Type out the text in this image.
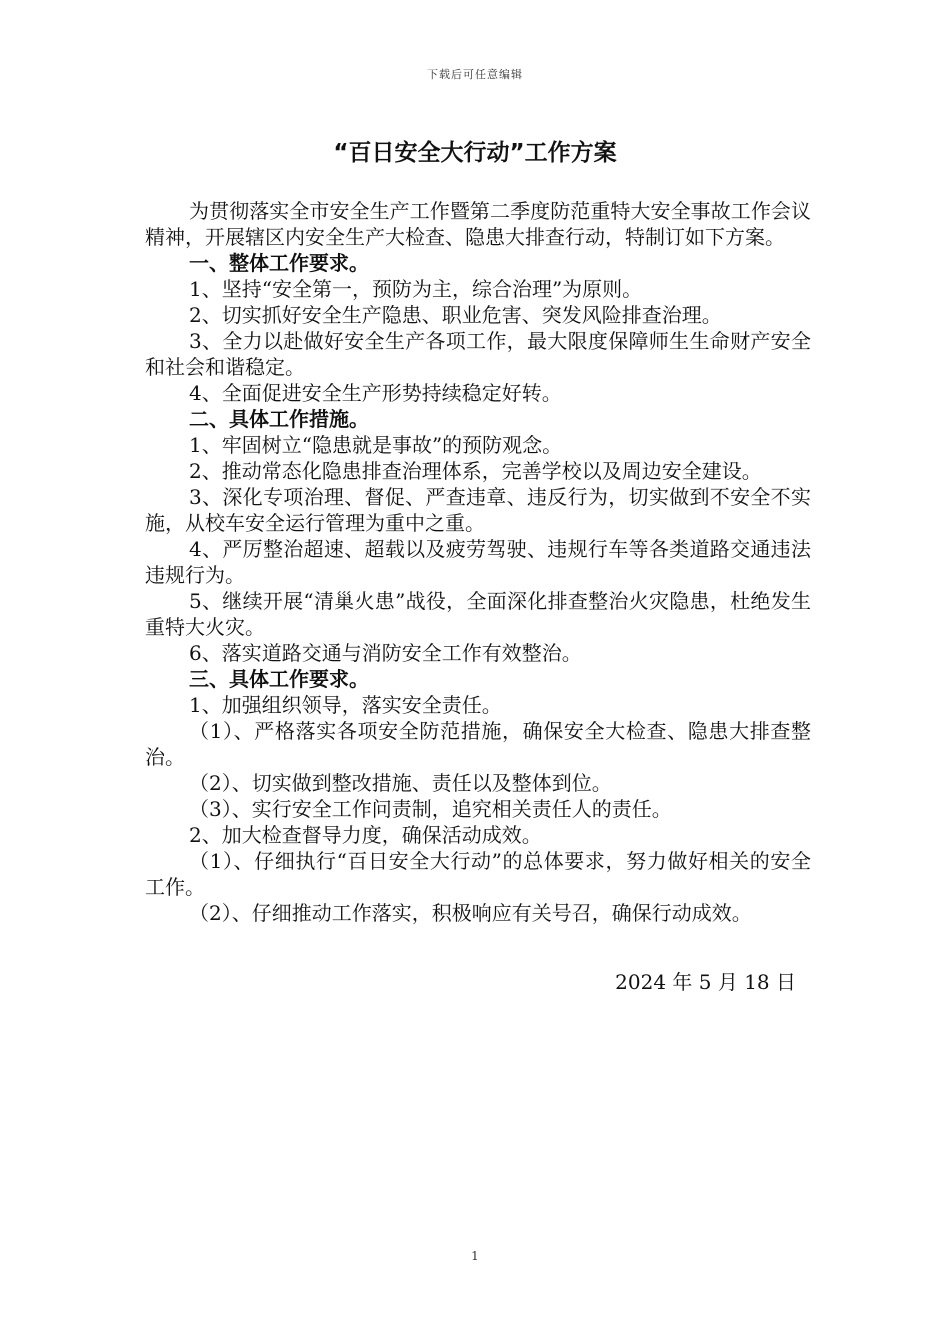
下载后可任意编辑
“百日安全大行动”工作方案

为贯彻落实全市安全生产工作暨第二季度防范重特大安全事故工作会议精神，开展辖区内安全生产大检查、隐患大排查行动，特制订如下方案。

一、整体工作要求。

1、坚持“安全第一，预防为主，综合治理”为原则。

2、切实抓好安全生产隐患、职业危害、突发风险排查治理。

3、全力以赴做好安全生产各项工作，最大限度保障师生生命财产安全和社会和谐稳定。

4、全面促进安全生产形势持续稳定好转。

二、具体工作措施。

1、牢固树立“隐患就是事故”的预防观念。

2、推动常态化隐患排查治理体系，完善学校以及周边安全建设。

3、深化专项治理、督促、严查违章、违反行为，切实做到不安全不实施，从校车安全运行管理为重中之重。

4、严厉整治超速、超载以及疲劳驾驶、违规行车等各类道路交通违法违规行为。

5、继续开展“清巢火患”战役，全面深化排查整治火灾隐患，杜绝发生重特大火灾。

6、落实道路交通与消防安全工作有效整治。

三、具体工作要求。

1、加强组织领导，落实安全责任。

（1）、严格落实各项安全防范措施，确保安全大检查、隐患大排查整治。

（2）、切实做到整改措施、责任以及整体到位。

（3）、实行安全工作问责制，追究相关责任人的责任。

2、加大检查督导力度，确保活动成效。

（1）、仔细执行“百日安全大行动”的总体要求，努力做好相关的安全工作。

（2）、仔细推动工作落实，积极响应有关号召，确保行动成效。

2024 年 5 月 18 日
1
